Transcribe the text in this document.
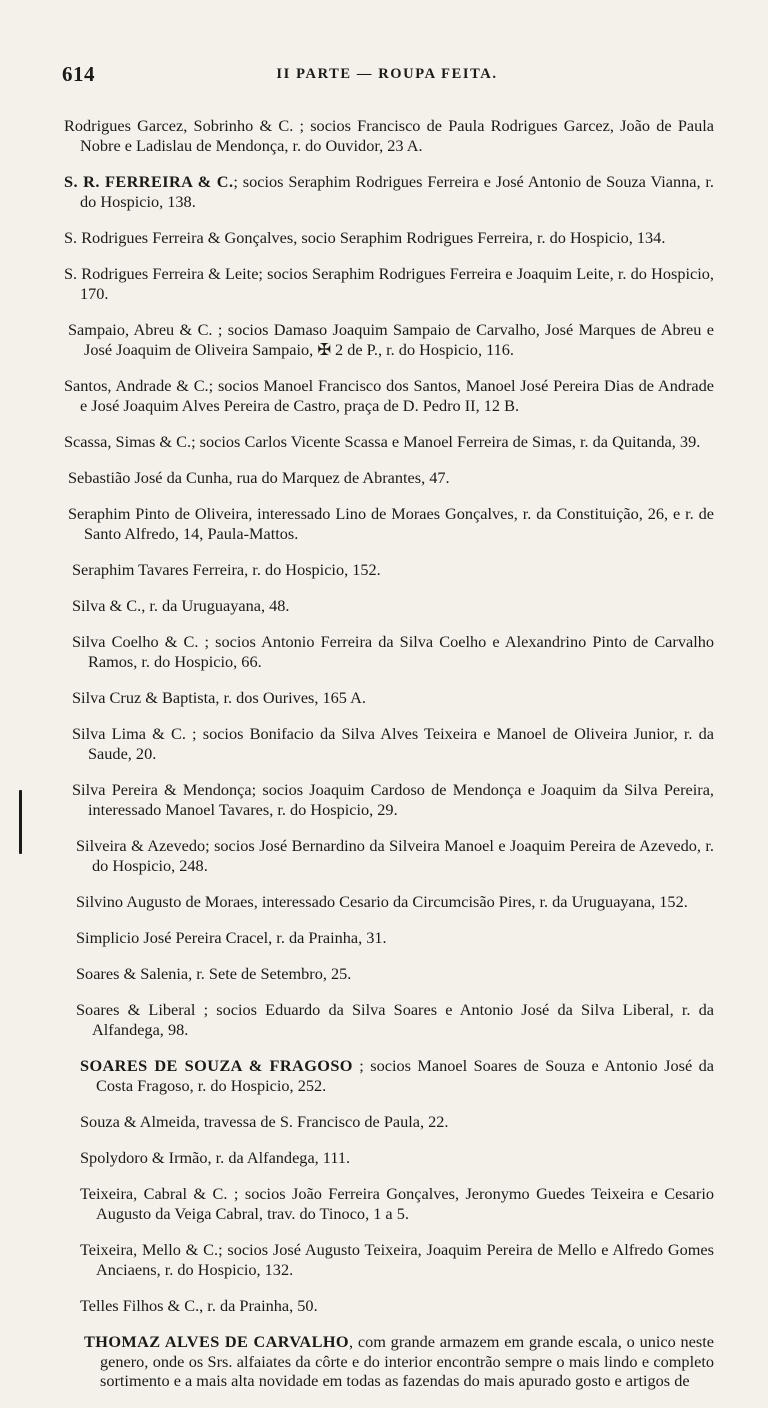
614	II PARTE — ROUPA FEITA.

Rodrigues Garcez, Sobrinho & C. ; socios Francisco de Paula Rodrigues Garcez, João de Paula Nobre e Ladislau de Mendonça, r. do Ouvidor, 23 A.

S. R. FERREIRA & C.; socios Seraphim Rodrigues Ferreira e José Antonio de Souza Vianna, r. do Hospicio, 138.

S. Rodrigues Ferreira & Gonçalves, socio Seraphim Rodrigues Ferreira, r. do Hospicio, 134.

S. Rodrigues Ferreira & Leite; socios Seraphim Rodrigues Ferreira e Joaquim Leite, r. do Hospicio, 170.

Sampaio, Abreu & C. ; socios Damaso Joaquim Sampaio de Carvalho, José Marques de Abreu e José Joaquim de Oliveira Sampaio, ✠ 2 de P., r. do Hospicio, 116.

Santos, Andrade & C.; socios Manoel Francisco dos Santos, Manoel José Pereira Dias de Andrade e José Joaquim Alves Pereira de Castro, praça de D. Pedro II, 12 B.

Scassa, Simas & C.; socios Carlos Vicente Scassa e Manoel Ferreira de Simas, r. da Quitanda, 39.

Sebastião José da Cunha, rua do Marquez de Abrantes, 47.

Seraphim Pinto de Oliveira, interessado Lino de Moraes Gonçalves, r. da Constituição, 26, e r. de Santo Alfredo, 14, Paula-Mattos.

Seraphim Tavares Ferreira, r. do Hospicio, 152.

Silva & C., r. da Uruguayana, 48.

Silva Coelho & C. ; socios Antonio Ferreira da Silva Coelho e Alexandrino Pinto de Carvalho Ramos, r. do Hospicio, 66.

Silva Cruz & Baptista, r. dos Ourives, 165 A.

Silva Lima & C. ; socios Bonifacio da Silva Alves Teixeira e Manoel de Oliveira Junior, r. da Saude, 20.

Silva Pereira & Mendonça; socios Joaquim Cardoso de Mendonça e Joaquim da Silva Pereira, interessado Manoel Tavares, r. do Hospicio, 29.

Silveira & Azevedo; socios José Bernardino da Silveira Manoel e Joaquim Pereira de Azevedo, r. do Hospicio, 248.

Silvino Augusto de Moraes, interessado Cesario da Circumcisão Pires, r. da Uruguayana, 152.

Simplicio José Pereira Cracel, r. da Prainha, 31.

Soares & Salenia, r. Sete de Setembro, 25.

Soares & Liberal ; socios Eduardo da Silva Soares e Antonio José da Silva Liberal, r. da Alfandega, 98.

SOARES DE SOUZA & FRAGOSO ; socios Manoel Soares de Souza e Antonio José da Costa Fragoso, r. do Hospicio, 252.

Souza & Almeida, travessa de S. Francisco de Paula, 22.

Spolydoro & Irmão, r. da Alfandega, 111.

Teixeira, Cabral & C. ; socios João Ferreira Gonçalves, Jeronymo Guedes Teixeira e Cesario Augusto da Veiga Cabral, trav. do Tinoco, 1 a 5.

Teixeira, Mello & C.; socios José Augusto Teixeira, Joaquim Pereira de Mello e Alfredo Gomes Anciaens, r. do Hospicio, 132.

Telles Filhos & C., r. da Prainha, 50.

THOMAZ ALVES DE CARVALHO, com grande armazem em grande escala, o unico neste genero, onde os Srs. alfaiates da côrte e do interior encontrão sempre o mais lindo e completo sortimento e a mais alta novidade em todas as fazendas do mais apurado gosto e artigos de
